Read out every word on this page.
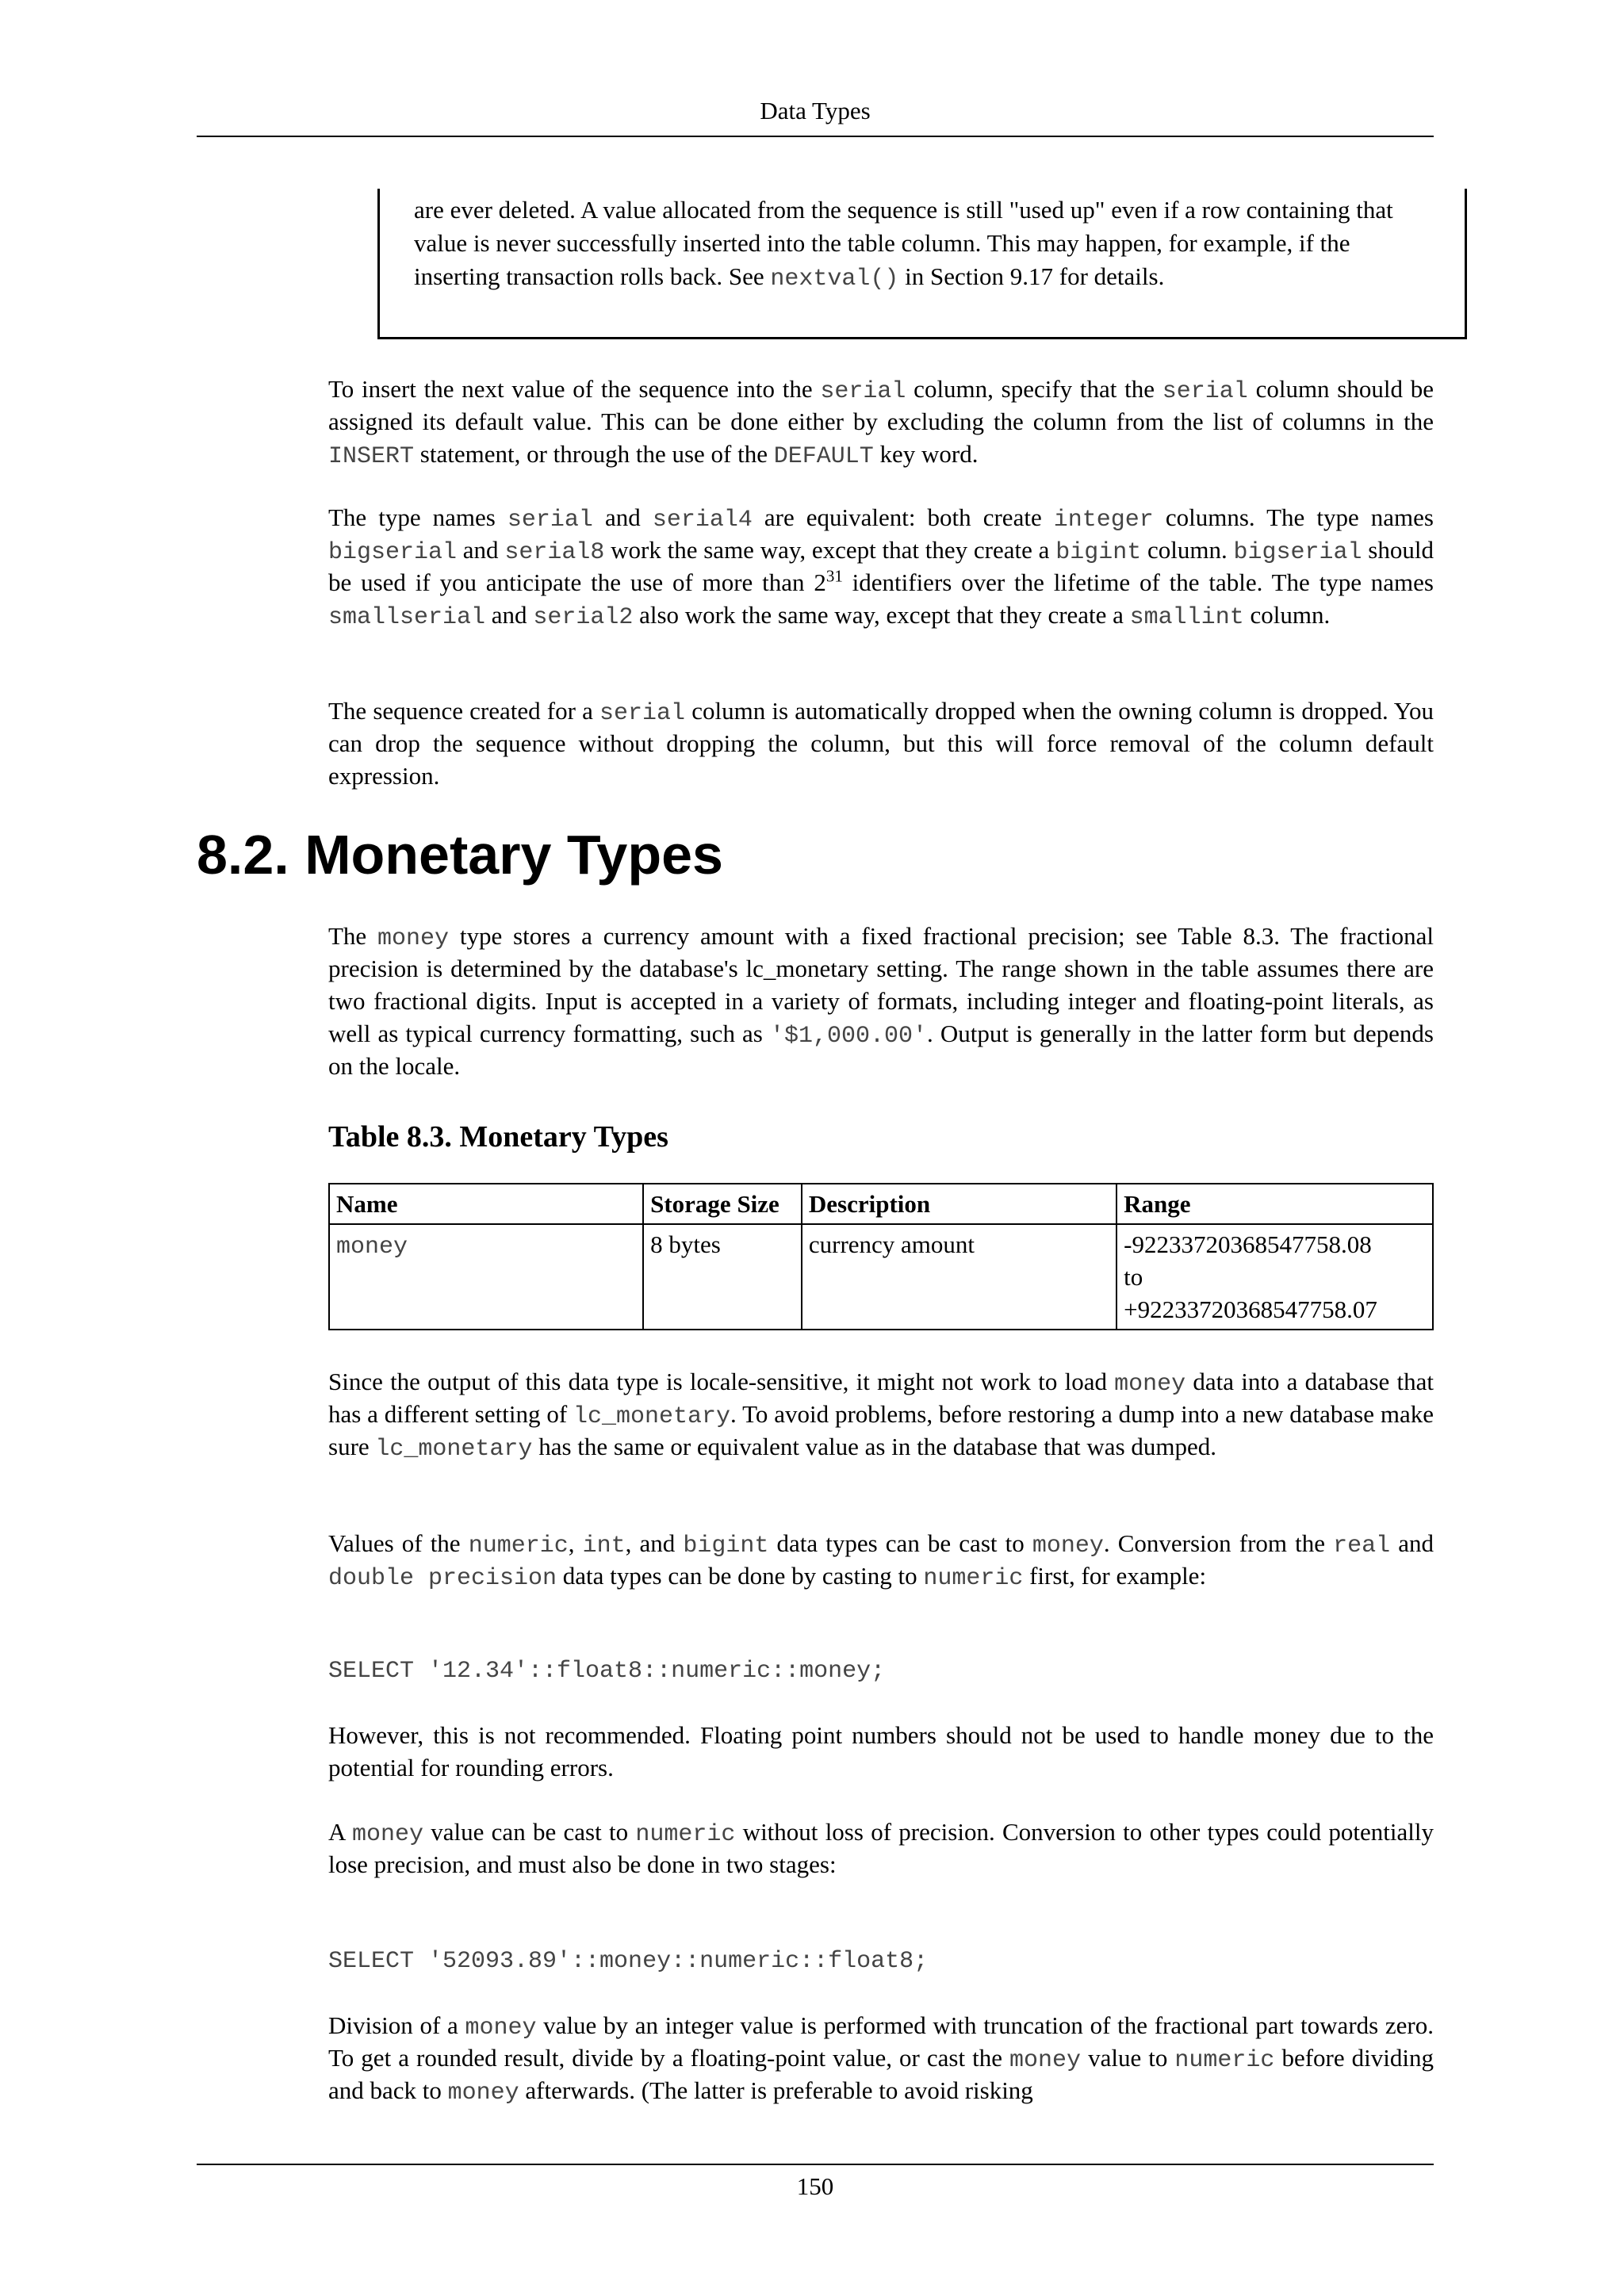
Data Types
are ever deleted. A value allocated from the sequence is still "used up" even if a row containing that value is never successfully inserted into the table column. This may happen, for example, if the inserting transaction rolls back. See nextval() in Section 9.17 for details.

To insert the next value of the sequence into the serial column, specify that the serial column should be assigned its default value. This can be done either by excluding the column from the list of columns in the INSERT statement, or through the use of the DEFAULT key word.

The type names serial and serial4 are equivalent: both create integer columns. The type names bigserial and serial8 work the same way, except that they create a bigint column. bigserial should be used if you anticipate the use of more than $2^{31}$ identifiers over the lifetime of the table. The type names smallserial and serial2 also work the same way, except that they create a smallint column.

The sequence created for a serial column is automatically dropped when the owning column is dropped. You can drop the sequence without dropping the column, but this will force removal of the column default expression.

8.2. Monetary Types

The money type stores a currency amount with a fixed fractional precision; see Table 8.3. The fractional precision is determined by the database's lc_monetary setting. The range shown in the table assumes there are two fractional digits. Input is accepted in a variety of formats, including integer and floating-point literals, as well as typical currency formatting, such as '$1,000.00'. Output is generally in the latter form but depends on the locale.

Table 8.3. Monetary Types
Name	Storage Size	Description	Range
money	8 bytes	currency amount	-92233720368547758.08
to
+92233720368547758.07

Since the output of this data type is locale-sensitive, it might not work to load money data into a database that has a different setting of lc_monetary. To avoid problems, before restoring a dump into a new database make sure lc_monetary has the same or equivalent value as in the database that was dumped.

Values of the numeric, int, and bigint data types can be cast to money. Conversion from the real and double precision data types can be done by casting to numeric first, for example:

SELECT '12.34'::float8::numeric::money;

However, this is not recommended. Floating point numbers should not be used to handle money due to the potential for rounding errors.

A money value can be cast to numeric without loss of precision. Conversion to other types could potentially lose precision, and must also be done in two stages:

SELECT '52093.89'::money::numeric::float8;

Division of a money value by an integer value is performed with truncation of the fractional part towards zero. To get a rounded result, divide by a floating-point value, or cast the money value to numeric before dividing and back to money afterwards. (The latter is preferable to avoid risking

150
